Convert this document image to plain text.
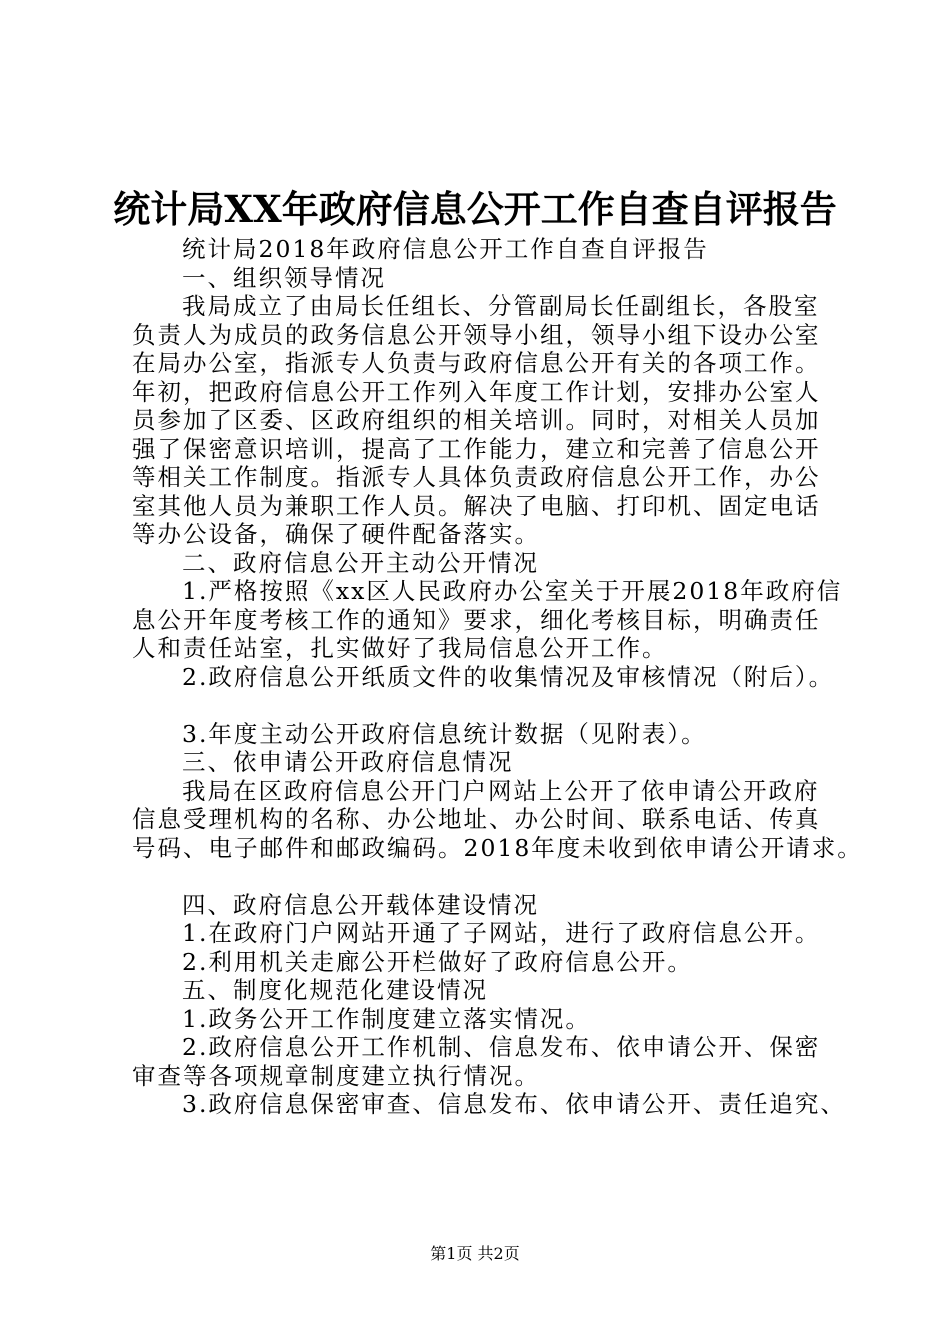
统计局XX年政府信息公开工作自查自评报告
统计局2018年政府信息公开工作自查自评报告
一、组织领导情况
我局成立了由局长任组长、分管副局长任副组长，各股室
负责人为成员的政务信息公开领导小组，领导小组下设办公室
在局办公室，指派专人负责与政府信息公开有关的各项工作。
年初，把政府信息公开工作列入年度工作计划，安排办公室人
员参加了区委、区政府组织的相关培训。同时，对相关人员加
强了保密意识培训，提高了工作能力，建立和完善了信息公开
等相关工作制度。指派专人具体负责政府信息公开工作，办公
室其他人员为兼职工作人员。解决了电脑、打印机、固定电话
等办公设备，确保了硬件配备落实。
二、政府信息公开主动公开情况
1.严格按照《xx区人民政府办公室关于开展2018年政府信
息公开年度考核工作的通知》要求，细化考核目标，明确责任
人和责任站室，扎实做好了我局信息公开工作。
2.政府信息公开纸质文件的收集情况及审核情况（附后）。
3.年度主动公开政府信息统计数据（见附表）。
三、依申请公开政府信息情况
我局在区政府信息公开门户网站上公开了依申请公开政府
信息受理机构的名称、办公地址、办公时间、联系电话、传真
号码、电子邮件和邮政编码。2018年度未收到依申请公开请求。
四、政府信息公开载体建设情况
1.在政府门户网站开通了子网站，进行了政府信息公开。
2.利用机关走廊公开栏做好了政府信息公开。
五、制度化规范化建设情况
1.政务公开工作制度建立落实情况。
2.政府信息公开工作机制、信息发布、依申请公开、保密
审查等各项规章制度建立执行情况。
3.政府信息保密审查、信息发布、依申请公开、责任追究、
第1页 共2页
